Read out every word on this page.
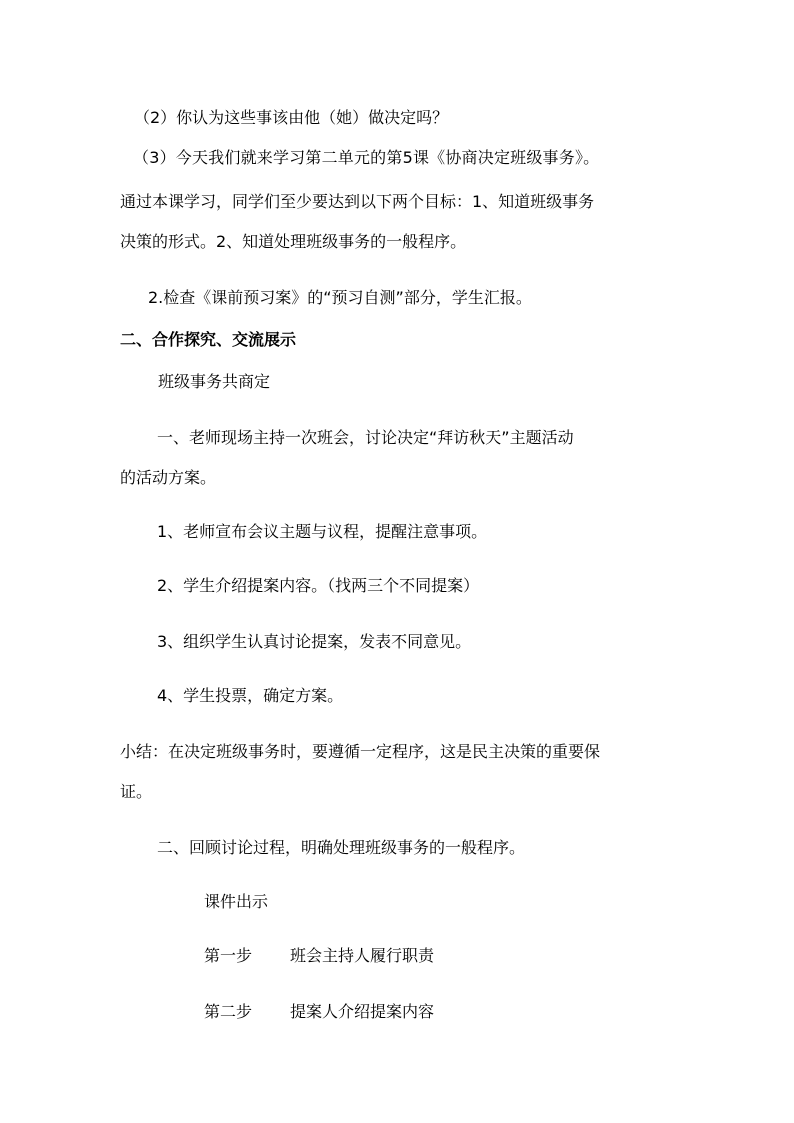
（2）你认为这些事该由他（她）做决定吗？
（3）今天我们就来学习第二单元的第5课《协商决定班级事务》。
通过本课学习，同学们至少要达到以下两个目标：1、知道班级事务
决策的形式。2、知道处理班级事务的一般程序。
2.检查《课前预习案》的“预习自测”部分，学生汇报。
二、合作探究、交流展示
班级事务共商定
一、老师现场主持一次班会，讨论决定“拜访秋天”主题活动
的活动方案。
1、老师宣布会议主题与议程，提醒注意事项。
2、学生介绍提案内容。（找两三个不同提案）
3、组织学生认真讨论提案，发表不同意见。
4、学生投票，确定方案。
小结：在决定班级事务时，要遵循一定程序，这是民主决策的重要保
证。
二、回顾讨论过程，明确处理班级事务的一般程序。
课件出示
第一步 班会主持人履行职责
第二步 提案人介绍提案内容
